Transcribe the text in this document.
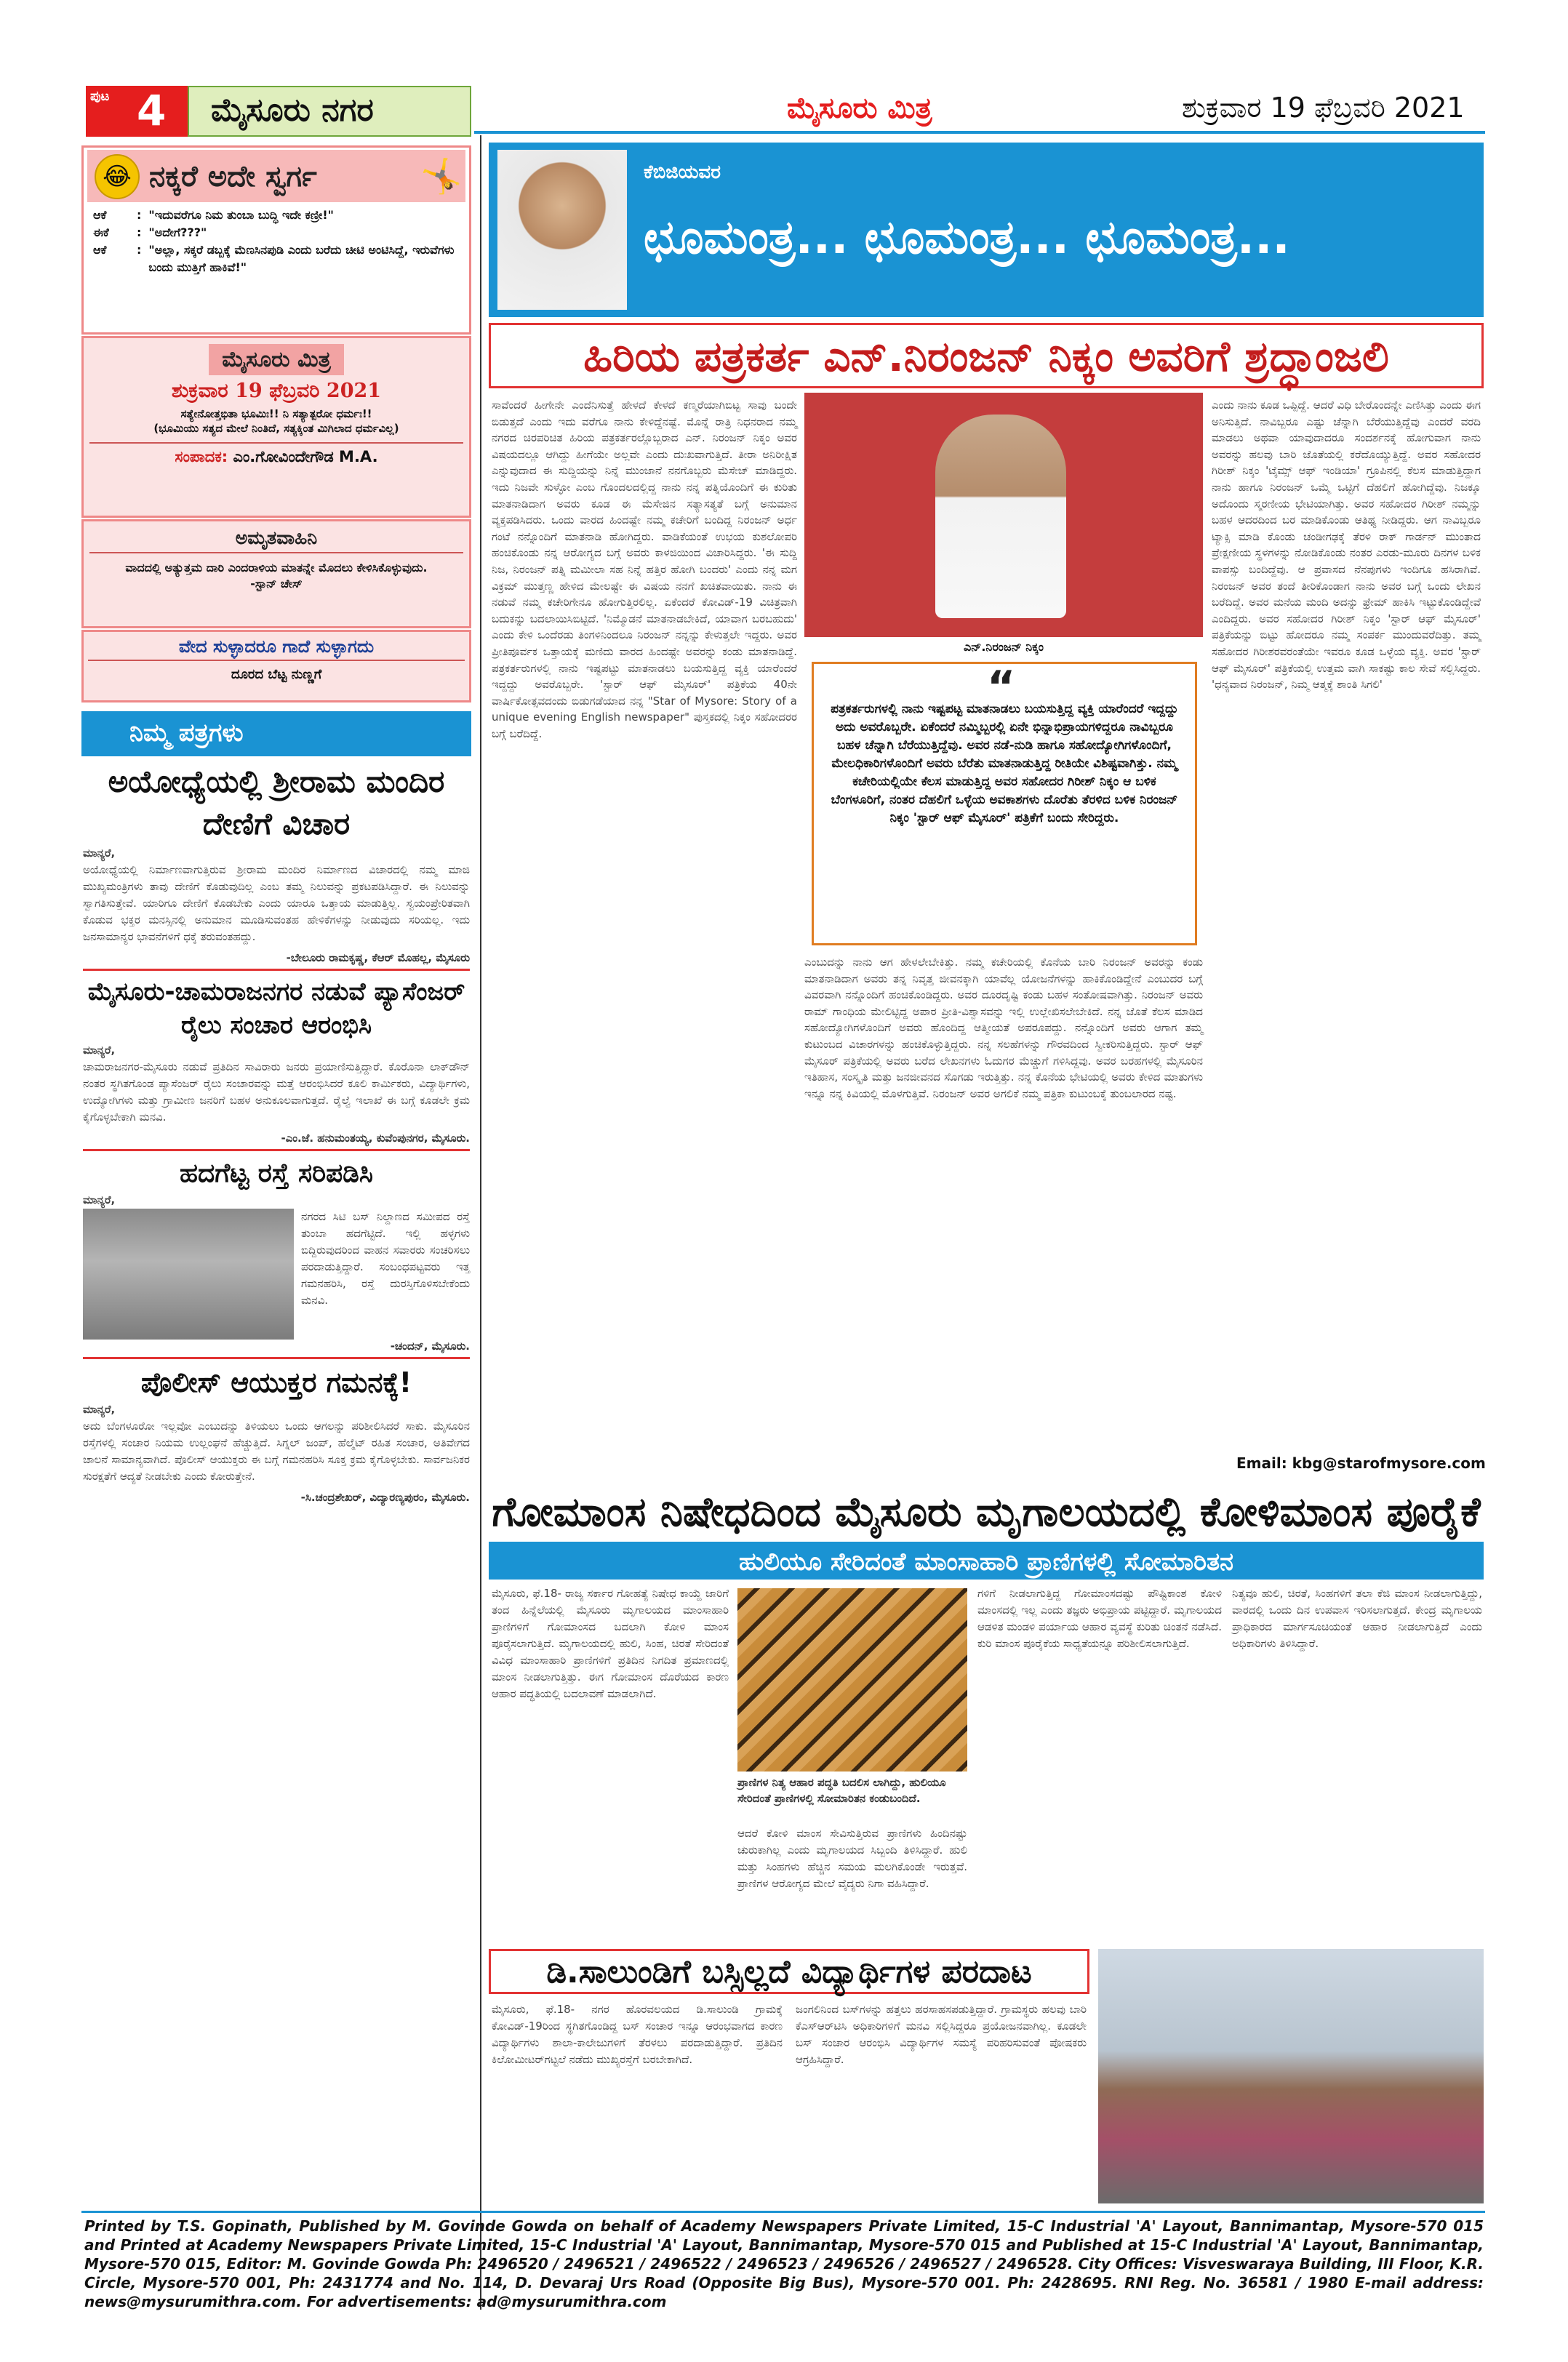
ಪುಟ 4 ಮೈಸೂರು ನಗರ	ಮೈಸೂರು ಮಿತ್ರ	ಶುಕ್ರವಾರ 19 ಫೆಬ್ರವರಿ 2021
😂 ನಕ್ಕರೆ ಅದೇ ಸ್ವರ್ಗ	🤸
ಆಕೆ	: "ಇದುವರೆಗೂ ನಿಮ ತುಂಬಾ ಬುದ್ಧಿ ಇದೇ ಕಣ್ರೀ!"
ಈಕೆ	: "ಅದೇಗೆ???"
ಆಕೆ	: "ಅಲ್ಲಾ, ಸಕ್ಕರೆ ಡಬ್ಬಕ್ಕೆ ಮೆಣಸಿನಪುಡಿ ಎಂದು ಬರೆದು ಚೀಟಿ ಅಂಟಿಸಿದ್ದೆ, ಇರುವೆಗಳು ಬಂದು ಮುತ್ತಿಗೆ ಹಾಕಿವೆ!"
ಮೈಸೂರು ಮಿತ್ರ
ಶುಕ್ರವಾರ 19 ಫೆಬ್ರವರಿ 2021
ಸತ್ಯೇನೋತ್ತಭಿತಾ ಭೂಮಿಃ!! ನಿ ಸತ್ಯಾತ್ಪರೋ ಧರ್ಮಃ!!
(ಭೂಮಿಯು ಸತ್ಯದ ಮೇಲೆ ನಿಂತಿದೆ, ಸತ್ಯಕ್ಕಿಂತ ಮಿಗಿಲಾದ ಧರ್ಮವಿಲ್ಲ)
ಸಂಪಾದಕ: ಎಂ.ಗೋವಿಂದೇಗೌಡ M.A.
ಅಮೃತವಾಹಿನಿ
ವಾದದಲ್ಲಿ ಅತ್ಯುತ್ತಮ ದಾರಿ ಎಂದರಾಳಿಯ ಮಾತನ್ನೇ ಮೊದಲು ಕೇಳಿಸಿಕೊಳ್ಳುವುದು.
-ಸ್ಟಾನ್ ಚೇಸ್
ವೇದ ಸುಳ್ಳಾದರೂ ಗಾದೆ ಸುಳ್ಳಾಗದು
ದೂರದ ಬೆಟ್ಟ ನುಣ್ಣಗೆ
ನಿಮ್ಮ ಪತ್ರಗಳು
ಅಯೋಧ್ಯೆಯಲ್ಲಿ ಶ್ರೀರಾಮ ಮಂದಿರ ದೇಣಿಗೆ ವಿಚಾರ
ಮಾನ್ಯರೆ,
ಅಯೋಧ್ಯೆಯಲ್ಲಿ ನಿರ್ಮಾಣವಾಗುತ್ತಿರುವ ಶ್ರೀರಾಮ ಮಂದಿರ ನಿರ್ಮಾಣದ ವಿಚಾರದಲ್ಲಿ ನಮ್ಮ ಮಾಜಿ ಮುಖ್ಯಮಂತ್ರಿಗಳು ತಾವು ದೇಣಿಗೆ ಕೊಡುವುದಿಲ್ಲ ಎಂಬ ತಮ್ಮ ನಿಲುವನ್ನು ಪ್ರಕಟಪಡಿಸಿದ್ದಾರೆ. ಈ ನಿಲುವನ್ನು ಸ್ವಾಗತಿಸುತ್ತೇವೆ. ಯಾರಿಗೂ ದೇಣಿಗೆ ಕೊಡಬೇಕು ಎಂದು ಯಾರೂ ಒತ್ತಾಯ ಮಾಡುತ್ತಿಲ್ಲ. ಸ್ವಯಂಪ್ರೇರಿತವಾಗಿ ಕೊಡುವ ಭಕ್ತರ ಮನಸ್ಸಿನಲ್ಲಿ ಅನುಮಾನ ಮೂಡಿಸುವಂತಹ ಹೇಳಿಕೆಗಳನ್ನು ನೀಡುವುದು ಸರಿಯಲ್ಲ. ಇದು ಜನಸಾಮಾನ್ಯರ ಭಾವನೆಗಳಿಗೆ ಧಕ್ಕೆ ತರುವಂತಹದ್ದು.
-ಬೇಲೂರು ರಾಮಕೃಷ್ಣ, ಕೆಆರ್ ಮೊಹಲ್ಲ, ಮೈಸೂರು
ಮೈಸೂರು-ಚಾಮರಾಜನಗರ ನಡುವೆ ಪ್ಯಾಸೆಂಜರ್ ರೈಲು ಸಂಚಾರ ಆರಂಭಿಸಿ
ಮಾನ್ಯರೆ,
ಚಾಮರಾಜನಗರ-ಮೈಸೂರು ನಡುವೆ ಪ್ರತಿದಿನ ಸಾವಿರಾರು ಜನರು ಪ್ರಯಾಣಿಸುತ್ತಿದ್ದಾರೆ. ಕೊರೊನಾ ಲಾಕ್‌ಡೌನ್ ನಂತರ ಸ್ಥಗಿತಗೊಂಡ ಪ್ಯಾಸೆಂಜರ್ ರೈಲು ಸಂಚಾರವನ್ನು ಮತ್ತೆ ಆರಂಭಿಸಿದರೆ ಕೂಲಿ ಕಾರ್ಮಿಕರು, ವಿದ್ಯಾರ್ಥಿಗಳು, ಉದ್ಯೋಗಿಗಳು ಮತ್ತು ಗ್ರಾಮೀಣ ಜನರಿಗೆ ಬಹಳ ಅನುಕೂಲವಾಗುತ್ತದೆ. ರೈಲ್ವೆ ಇಲಾಖೆ ಈ ಬಗ್ಗೆ ಕೂಡಲೇ ಕ್ರಮ ಕೈಗೊಳ್ಳಬೇಕಾಗಿ ಮನವಿ.
-ಎಂ.ಜೆ. ಹನುಮಂತಯ್ಯ, ಕುವೆಂಪುನಗರ, ಮೈಸೂರು.
ಹದಗೆಟ್ಟ ರಸ್ತೆ ಸರಿಪಡಿಸಿ
ಮಾನ್ಯರೆ,
ನಗರದ ಸಿಟಿ ಬಸ್ ನಿಲ್ದಾಣದ ಸಮೀಪದ ರಸ್ತೆ ತುಂಬಾ ಹದಗೆಟ್ಟಿದೆ. ಇಲ್ಲಿ ಹಳ್ಳಗಳು ಬಿದ್ದಿರುವುದರಿಂದ ವಾಹನ ಸವಾರರು ಸಂಚರಿಸಲು ಪರದಾಡುತ್ತಿದ್ದಾರೆ. ಸಂಬಂಧಪಟ್ಟವರು ಇತ್ತ ಗಮನಹರಿಸಿ, ರಸ್ತೆ ದುರಸ್ತಿಗೊಳಿಸಬೇಕೆಂದು ಮನವಿ.
-ಚಂದನ್, ಮೈಸೂರು.
ಪೊಲೀಸ್ ಆಯುಕ್ತರ ಗಮನಕ್ಕೆ!
ಮಾನ್ಯರೆ,
ಅದು ಬೆಂಗಳೂರೋ ಇಲ್ಲವೋ ಎಂಬುದನ್ನು ತಿಳಿಯಲು ಒಂದು ಆಗಲನ್ನು ಪರಿಶೀಲಿಸಿದರೆ ಸಾಕು. ಮೈಸೂರಿನ ರಸ್ತೆಗಳಲ್ಲಿ ಸಂಚಾರ ನಿಯಮ ಉಲ್ಲಂಘನೆ ಹೆಚ್ಚುತ್ತಿದೆ. ಸಿಗ್ನಲ್ ಜಂಪ್, ಹೆಲ್ಮೆಟ್ ರಹಿತ ಸಂಚಾರ, ಅತಿವೇಗದ ಚಾಲನೆ ಸಾಮಾನ್ಯವಾಗಿದೆ. ಪೊಲೀಸ್ ಆಯುಕ್ತರು ಈ ಬಗ್ಗೆ ಗಮನಹರಿಸಿ ಸೂಕ್ತ ಕ್ರಮ ಕೈಗೊಳ್ಳಬೇಕು. ಸಾರ್ವಜನಿಕರ ಸುರಕ್ಷತೆಗೆ ಆದ್ಯತೆ ನೀಡಬೇಕು ಎಂದು ಕೋರುತ್ತೇನೆ.
-ಸಿ.ಚಂದ್ರಶೇಖರ್, ವಿದ್ಯಾರಣ್ಯಪುರಂ, ಮೈಸೂರು.
ಕೆಬಿಜಿಯವರ
ಛೂಮಂತ್ರ... ಛೂಮಂತ್ರ... ಛೂಮಂತ್ರ...
ಹಿರಿಯ ಪತ್ರಕರ್ತ ಎನ್.ನಿರಂಜನ್ ನಿಕ್ಕಂ ಅವರಿಗೆ ಶ್ರದ್ಧಾಂಜಲಿ
ಸಾವೆಂದರೆ ಹೀಗೇನೇ ಎಂದೆನಿಸುತ್ತೆ ಹೇಳದೆ ಕೇಳದೆ ಕಣ್ಮರೆಯಾಗಿಬಿಟ್ಟ ಸಾವು ಬಂದೇ ಬಿಡುತ್ತದೆ ಎಂದು ಇದು ವರೆಗೂ ನಾನು ಕೇಳಿದ್ದೆನಷ್ಟೆ. ಮೊನ್ನೆ ರಾತ್ರಿ ನಿಧನರಾದ ನಮ್ಮ ನಗರದ ಚಿರಪರಿಚಿತ ಹಿರಿಯ ಪತ್ರಕರ್ತರಲ್ಲೊಬ್ಬರಾದ ಎನ್. ನಿರಂಜನ್ ನಿಕ್ಕಂ ಅವರ ವಿಷಯದಲ್ಲೂ ಆಗಿದ್ದು ಹೀಗೆಯೇ ಅಲ್ಲವೇ ಎಂದು ದುಃಖವಾಗುತ್ತಿದೆ. ತೀರಾ ಅನಿರೀಕ್ಷಿತ ಎನ್ನುವುದಾದ ಈ ಸುದ್ದಿಯನ್ನು ನಿನ್ನೆ ಮುಂಜಾನೆ ನನಗೊಬ್ಬರು ಮೆಸೇಜ್ ಮಾಡಿದ್ದರು. ಇದು ನಿಜವೇ ಸುಳ್ಳೋ ಎಂಬ ಗೊಂದಲದಲ್ಲಿದ್ದ ನಾನು ನನ್ನ ಪತ್ನಿಯೊಂದಿಗೆ ಈ ಕುರಿತು ಮಾತನಾಡಿದಾಗ ಅವರು ಕೂಡ ಈ ಮೆಸೇಜಿನ ಸತ್ಯಾಸತ್ಯತೆ ಬಗ್ಗೆ ಅನುಮಾನ ವ್ಯಕ್ತಪಡಿಸಿದರು. ಒಂದು ವಾರದ ಹಿಂದಷ್ಟೇ ನಮ್ಮ ಕಚೇರಿಗೆ ಬಂದಿದ್ದ ನಿರಂಜನ್ ಅರ್ಧ ಗಂಟೆ ನನ್ನೊಂದಿಗೆ ಮಾತನಾಡಿ ಹೋಗಿದ್ದರು. ವಾಡಿಕೆಯಂತೆ ಉಭಯ ಕುಶಲೋಪರಿ ಹಂಚಿಕೊಂಡು ನನ್ನ ಆರೋಗ್ಯದ ಬಗ್ಗೆ ಅವರು ಕಾಳಜಿಯಿಂದ ವಿಚಾರಿಸಿದ್ದರು. 'ಈ ಸುದ್ದಿ ನಿಜ, ನಿರಂಜನ್ ಪತ್ನಿ ಮಮೀಲಾ ಸಹ ನಿನ್ನೆ ಹತ್ತಿರ ಹೋಗಿ ಬಂದರು' ಎಂದು ನನ್ನ ಮಗ ವಿಕ್ರಮ್ ಮುತ್ತಣ್ಣ ಹೇಳಿದ ಮೇಲಷ್ಟೇ ಈ ವಿಷಯ ನನಗೆ ಖಚಿತವಾಯಿತು. ನಾನು ಈ ನಡುವೆ ನಮ್ಮ ಕಚೇರಿಗೇನೂ ಹೋಗುತ್ತಿರಲಿಲ್ಲ. ಏಕೆಂದರೆ ಕೋವಿಡ್-19 ವಿಚಿತ್ರವಾಗಿ ಬದುಕನ್ನು ಬದಲಾಯಿಸಿಬಿಟ್ಟಿದೆ. 'ನಿಮ್ಮೊಡನೆ ಮಾತನಾಡಬೇಕಿದೆ, ಯಾವಾಗ ಬರಬಹುದು' ಎಂದು ಕೇಳಿ ಒಂದೆರಡು ತಿಂಗಳಿನಿಂದಲೂ ನಿರಂಜನ್ ನನ್ನನ್ನು ಕೇಳುತ್ತಲೇ ಇದ್ದರು. ಅವರ ಪ್ರೀತಿಪೂರ್ವಕ ಒತ್ತಾಯಕ್ಕೆ ಮಣಿದು ವಾರದ ಹಿಂದಷ್ಟೇ ಅವರನ್ನು ಕಂಡು ಮಾತನಾಡಿದ್ದೆ. ಪತ್ರಕರ್ತರುಗಳಲ್ಲಿ ನಾನು ಇಷ್ಟಪಟ್ಟು ಮಾತನಾಡಲು ಬಯಸುತ್ತಿದ್ದ ವ್ಯಕ್ತಿ ಯಾರೆಂದರೆ ಇದ್ದದ್ದು ಅವರೊಬ್ಬರೇ. 'ಸ್ಟಾರ್ ಆಫ್ ಮೈಸೂರ್' ಪತ್ರಿಕೆಯ 40ನೇ ವಾರ್ಷಿಕೋತ್ಸವದಂದು ಬಿಡುಗಡೆಯಾದ ನನ್ನ "Star of Mysore: Story of a unique evening English newspaper" ಪುಸ್ತಕದಲ್ಲಿ ನಿಕ್ಕಂ ಸಹೋದರರ ಬಗ್ಗೆ ಬರೆದಿದ್ದೆ.
ಎನ್.ನಿರಂಜನ್ ನಿಕ್ಕಂ
“
ಪತ್ರಕರ್ತರುಗಳಲ್ಲಿ ನಾನು ಇಷ್ಟಪಟ್ಟ ಮಾತನಾಡಲು ಬಯಸುತ್ತಿದ್ದ ವ್ಯಕ್ತಿ ಯಾರೆಂದರೆ ಇದ್ದದ್ದು ಅದು ಅವರೊಬ್ಬರೇ. ಏಕೆಂದರೆ ನಮ್ಮಿಬ್ಬರಲ್ಲಿ ಏನೇ ಭಿನ್ನಾಭಿಪ್ರಾಯಗಳಿದ್ದರೂ ನಾವಿಬ್ಬರೂ ಬಹಳ ಚೆನ್ನಾಗಿ ಬೆರೆಯುತ್ತಿದ್ದೆವು. ಅವರ ನಡೆ-ನುಡಿ ಹಾಗೂ ಸಹೋದ್ಯೋಗಿಗಳೊಂದಿಗೆ, ಮೇಲಧಿಕಾರಿಗಳೊಂದಿಗೆ ಅವರು ಬೆರೆತು ಮಾತನಾಡುತ್ತಿದ್ದ ರೀತಿಯೇ ವಿಶಿಷ್ಟವಾಗಿತ್ತು. ನಮ್ಮ ಕಚೇರಿಯಲ್ಲಿಯೇ ಕೆಲಸ ಮಾಡುತ್ತಿದ್ದ ಅವರ ಸಹೋದರ ಗಿರೀಶ್ ನಿಕ್ಕಂ ಆ ಬಳಿಕ ಬೆಂಗಳೂರಿಗೆ, ನಂತರ ದೆಹಲಿಗೆ ಒಳ್ಳೆಯ ಅವಕಾಶಗಳು ದೊರೆತು ತೆರಳಿದ ಬಳಿಕ ನಿರಂಜನ್ ನಿಕ್ಕಂ 'ಸ್ಟಾರ್ ಆಫ್ ಮೈಸೂರ್' ಪತ್ರಿಕೆಗೆ ಬಂದು ಸೇರಿದ್ದರು.
ಎಂಬುದನ್ನು ನಾನು ಆಗ ಹೇಳಲೇಬೇಕಿತ್ತು. ನಮ್ಮ ಕಚೇರಿಯಲ್ಲಿ ಕೊನೆಯ ಬಾರಿ ನಿರಂಜನ್ ಅವರನ್ನು ಕಂಡು ಮಾತನಾಡಿದಾಗ ಅವರು ತನ್ನ ನಿವೃತ್ತ ಜೀವನಕ್ಕಾಗಿ ಯಾವೆಲ್ಲ ಯೋಜನೆಗಳನ್ನು ಹಾಕಿಕೊಂಡಿದ್ದೇನೆ ಎಂಬುದರ ಬಗ್ಗೆ ವಿವರವಾಗಿ ನನ್ನೊಂದಿಗೆ ಹಂಚಿಕೊಂಡಿದ್ದರು. ಅವರ ದೂರದೃಷ್ಟಿ ಕಂಡು ಬಹಳ ಸಂತೋಷವಾಗಿತ್ತು. ನಿರಂಜನ್ ಅವರು ರಾಮ್ ಗಾಂಧಿಯ ಮೇಲಿಟ್ಟಿದ್ದ ಅಪಾರ ಪ್ರೀತಿ-ವಿಶ್ವಾಸವನ್ನು ಇಲ್ಲಿ ಉಲ್ಲೇಖಿಸಲೇಬೇಕಿದೆ. ನನ್ನ ಜೊತೆ ಕೆಲಸ ಮಾಡಿದ ಸಹೋದ್ಯೋಗಿಗಳೊಂದಿಗೆ ಅವರು ಹೊಂದಿದ್ದ ಆತ್ಮೀಯತೆ ಅಪರೂಪದ್ದು. ನನ್ನೊಂದಿಗೆ ಅವರು ಆಗಾಗ ತಮ್ಮ ಕುಟುಂಬದ ವಿಚಾರಗಳನ್ನು ಹಂಚಿಕೊಳ್ಳುತ್ತಿದ್ದರು. ನನ್ನ ಸಲಹೆಗಳನ್ನು ಗೌರವದಿಂದ ಸ್ವೀಕರಿಸುತ್ತಿದ್ದರು. ಸ್ಟಾರ್ ಆಫ್ ಮೈಸೂರ್ ಪತ್ರಿಕೆಯಲ್ಲಿ ಅವರು ಬರೆದ ಲೇಖನಗಳು ಓದುಗರ ಮೆಚ್ಚುಗೆ ಗಳಿಸಿದ್ದವು. ಅವರ ಬರಹಗಳಲ್ಲಿ ಮೈಸೂರಿನ ಇತಿಹಾಸ, ಸಂಸ್ಕೃತಿ ಮತ್ತು ಜನಜೀವನದ ಸೊಗಡು ಇರುತ್ತಿತ್ತು. ನನ್ನ ಕೊನೆಯ ಭೇಟಿಯಲ್ಲಿ ಅವರು ಕೇಳಿದ ಮಾತುಗಳು ಇನ್ನೂ ನನ್ನ ಕಿವಿಯಲ್ಲಿ ಮೊಳಗುತ್ತಿವೆ. ನಿರಂಜನ್ ಅವರ ಅಗಲಿಕೆ ನಮ್ಮ ಪತ್ರಿಕಾ ಕುಟುಂಬಕ್ಕೆ ತುಂಬಲಾರದ ನಷ್ಟ.
ಎಂದು ನಾನು ಕೂಡ ಒಪ್ಪಿದ್ದೆ. ಆದರೆ ವಿಧಿ ಬೇರೊಂದನ್ನೇ ಎಣಿಸಿತ್ತು ಎಂದು ಈಗ ಅನಿಸುತ್ತಿದೆ. ನಾವಿಬ್ಬರೂ ಎಷ್ಟು ಚೆನ್ನಾಗಿ ಬೆರೆಯುತ್ತಿದ್ದೆವು ಎಂದರೆ ವರದಿ ಮಾಡಲು ಅಥವಾ ಯಾವುದಾದರೂ ಸಂದರ್ಶನಕ್ಕೆ ಹೋಗುವಾಗ ನಾನು ಅವರನ್ನು ಹಲವು ಬಾರಿ ಜೊತೆಯಲ್ಲಿ ಕರೆದೊಯ್ಯುತ್ತಿದ್ದೆ. ಅವರ ಸಹೋದರ ಗಿರೀಶ್ ನಿಕ್ಕಂ 'ಟೈಮ್ಸ್ ಆಫ್ ಇಂಡಿಯಾ' ಗ್ರೂಪಿನಲ್ಲಿ ಕೆಲಸ ಮಾಡುತ್ತಿದ್ದಾಗ ನಾನು ಹಾಗೂ ನಿರಂಜನ್ ಒಮ್ಮೆ ಒಟ್ಟಿಗೆ ದೆಹಲಿಗೆ ಹೋಗಿದ್ದೆವು. ನಿಜಕ್ಕೂ ಅದೊಂದು ಸ್ಮರಣೀಯ ಭೇಟಿಯಾಗಿತ್ತು. ಅವರ ಸಹೋದರ ಗಿರೀಶ್ ನಮ್ಮನ್ನು ಬಹಳ ಆದರದಿಂದ ಬರ ಮಾಡಿಕೊಂಡು ಆತಿಥ್ಯ ನೀಡಿದ್ದರು. ಆಗ ನಾವಿಬ್ಬರೂ ಟ್ಯಾಕ್ಸಿ ಮಾಡಿ ಕೊಂಡು ಚಂಡೀಗಢಕ್ಕೆ ತೆರಳಿ ರಾಕ್ ಗಾರ್ಡನ್ ಮುಂತಾದ ಪ್ರೇಕ್ಷಣೀಯ ಸ್ಥಳಗಳನ್ನು ನೋಡಿಕೊಂಡು ನಂತರ ಎರಡು-ಮೂರು ದಿನಗಳ ಬಳಿಕ ವಾಪಸ್ಸು ಬಂದಿದ್ದೆವು. ಆ ಪ್ರವಾಸದ ನೆನಪುಗಳು ಇಂದಿಗೂ ಹಸಿರಾಗಿವೆ. ನಿರಂಜನ್ ಅವರ ತಂದೆ ತೀರಿಕೊಂಡಾಗ ನಾನು ಅವರ ಬಗ್ಗೆ ಒಂದು ಲೇಖನ ಬರೆದಿದ್ದೆ. ಅವರ ಮನೆಯ ಮಂದಿ ಅದನ್ನು ಫ್ರೇಮ್ ಹಾಕಿಸಿ ಇಟ್ಟುಕೊಂಡಿದ್ದೇವೆ ಎಂದಿದ್ದರು. ಅವರ ಸಹೋದರ ಗಿರೀಶ್ ನಿಕ್ಕಂ 'ಸ್ಟಾರ್ ಆಫ್ ಮೈಸೂರ್' ಪತ್ರಿಕೆಯನ್ನು ಬಿಟ್ಟು ಹೋದರೂ ನಮ್ಮ ಸಂಪರ್ಕ ಮುಂದುವರೆದಿತ್ತು. ತಮ್ಮ ಸಹೋದರ ಗಿರೀಶರವರಂತೆಯೇ ಇವರೂ ಕೂಡ ಒಳ್ಳೆಯ ವ್ಯಕ್ತಿ. ಅವರ 'ಸ್ಟಾರ್ ಆಫ್ ಮೈಸೂರ್' ಪತ್ರಿಕೆಯಲ್ಲಿ ಉತ್ತಮ ವಾಗಿ ಸಾಕಷ್ಟು ಕಾಲ ಸೇವೆ ಸಲ್ಲಿಸಿದ್ದರು. 'ಧನ್ಯವಾದ ನಿರಂಜನ್, ನಿಮ್ಮ ಆತ್ಮಕ್ಕೆ ಶಾಂತಿ ಸಿಗಲಿ'
Email: kbg@starofmysore.com
ಗೋಮಾಂಸ ನಿಷೇಧದಿಂದ ಮೈಸೂರು ಮೃಗಾಲಯದಲ್ಲಿ ಕೋಳಿಮಾಂಸ ಪೂರೈಕೆ
ಹುಲಿಯೂ ಸೇರಿದಂತೆ ಮಾಂಸಾಹಾರಿ ಪ್ರಾಣಿಗಳಲ್ಲಿ ಸೋಮಾರಿತನ
ಮೈಸೂರು, ಫೆ.18- ರಾಜ್ಯ ಸರ್ಕಾರ ಗೋಹತ್ಯೆ ನಿಷೇಧ ಕಾಯ್ದೆ ಜಾರಿಗೆ ತಂದ ಹಿನ್ನೆಲೆಯಲ್ಲಿ ಮೈಸೂರು ಮೃಗಾಲಯದ ಮಾಂಸಾಹಾರಿ ಪ್ರಾಣಿಗಳಿಗೆ ಗೋಮಾಂಸದ ಬದಲಾಗಿ ಕೋಳಿ ಮಾಂಸ ಪೂರೈಸಲಾಗುತ್ತಿದೆ. ಮೃಗಾಲಯದಲ್ಲಿ ಹುಲಿ, ಸಿಂಹ, ಚಿರತೆ ಸೇರಿದಂತೆ ವಿವಿಧ ಮಾಂಸಾಹಾರಿ ಪ್ರಾಣಿಗಳಿಗೆ ಪ್ರತಿದಿನ ನಿಗದಿತ ಪ್ರಮಾಣದಲ್ಲಿ ಮಾಂಸ ನೀಡಲಾಗುತ್ತಿತ್ತು. ಈಗ ಗೋಮಾಂಸ ದೊರೆಯದ ಕಾರಣ ಆಹಾರ ಪದ್ಧತಿಯಲ್ಲಿ ಬದಲಾವಣೆ ಮಾಡಲಾಗಿದೆ.
ಪ್ರಾಣಿಗಳ ನಿತ್ಯ ಆಹಾರ ಪದ್ಧತಿ ಬದಲಿಸ ಲಾಗಿದ್ದು, ಹುಲಿಯೂ ಸೇರಿದಂತೆ ಪ್ರಾಣಿಗಳಲ್ಲಿ ಸೋಮಾರಿತನ ಕಂಡುಬಂದಿದೆ.
ಆದರೆ ಕೋಳಿ ಮಾಂಸ ಸೇವಿಸುತ್ತಿರುವ ಪ್ರಾಣಿಗಳು ಹಿಂದಿನಷ್ಟು ಚುರುಕಾಗಿಲ್ಲ ಎಂದು ಮೃಗಾಲಯದ ಸಿಬ್ಬಂದಿ ತಿಳಿಸಿದ್ದಾರೆ. ಹುಲಿ ಮತ್ತು ಸಿಂಹಗಳು ಹೆಚ್ಚಿನ ಸಮಯ ಮಲಗಿಕೊಂಡೇ ಇರುತ್ತವೆ. ಪ್ರಾಣಿಗಳ ಆರೋಗ್ಯದ ಮೇಲೆ ವೈದ್ಯರು ನಿಗಾ ವಹಿಸಿದ್ದಾರೆ.
ಗಳಿಗೆ ನೀಡಲಾಗುತ್ತಿದ್ದ ಗೋಮಾಂಸದಷ್ಟು ಪೌಷ್ಟಿಕಾಂಶ ಕೋಳಿ ಮಾಂಸದಲ್ಲಿ ಇಲ್ಲ ಎಂದು ತಜ್ಞರು ಅಭಿಪ್ರಾಯ ಪಟ್ಟಿದ್ದಾರೆ. ಮೃಗಾಲಯದ ಆಡಳಿತ ಮಂಡಳಿ ಪರ್ಯಾಯ ಆಹಾರ ವ್ಯವಸ್ಥೆ ಕುರಿತು ಚಿಂತನೆ ನಡೆಸಿದೆ. ಕುರಿ ಮಾಂಸ ಪೂರೈಕೆಯ ಸಾಧ್ಯತೆಯನ್ನೂ ಪರಿಶೀಲಿಸಲಾಗುತ್ತಿದೆ.
ನಿತ್ಯವೂ ಹುಲಿ, ಚಿರತೆ, ಸಿಂಹಗಳಿಗೆ ತಲಾ ಕೆಜಿ ಮಾಂಸ ನೀಡಲಾಗುತ್ತಿದ್ದು, ವಾರದಲ್ಲಿ ಒಂದು ದಿನ ಉಪವಾಸ ಇರಿಸಲಾಗುತ್ತದೆ. ಕೇಂದ್ರ ಮೃಗಾಲಯ ಪ್ರಾಧಿಕಾರದ ಮಾರ್ಗಸೂಚಿಯಂತೆ ಆಹಾರ ನೀಡಲಾಗುತ್ತಿದೆ ಎಂದು ಅಧಿಕಾರಿಗಳು ತಿಳಿಸಿದ್ದಾರೆ.
ಡಿ.ಸಾಲುಂಡಿಗೆ ಬಸ್ಸಿಲ್ಲದೆ ವಿದ್ಯಾರ್ಥಿಗಳ ಪರದಾಟ
ಮೈಸೂರು, ಫೆ.18- ನಗರ ಹೊರವಲಯದ ಡಿ.ಸಾಲುಂಡಿ ಗ್ರಾಮಕ್ಕೆ ಕೋವಿಡ್-19ರಿಂದ ಸ್ಥಗಿತಗೊಂಡಿದ್ದ ಬಸ್ ಸಂಚಾರ ಇನ್ನೂ ಆರಂಭವಾಗದ ಕಾರಣ ವಿದ್ಯಾರ್ಥಿಗಳು ಶಾಲಾ-ಕಾಲೇಜುಗಳಿಗೆ ತೆರಳಲು ಪರದಾಡುತ್ತಿದ್ದಾರೆ. ಪ್ರತಿದಿನ ಕಿಲೋಮೀಟರ್‌ಗಟ್ಟಲೆ ನಡೆದು ಮುಖ್ಯರಸ್ತೆಗೆ ಬರಬೇಕಾಗಿದೆ.
ಜಂಗಲಿನಿಂದ ಬಸ್‌ಗಳನ್ನು ಹತ್ತಲು ಹರಸಾಹಸಪಡುತ್ತಿದ್ದಾರೆ. ಗ್ರಾಮಸ್ಥರು ಹಲವು ಬಾರಿ ಕೆಎಸ್‌ಆರ್‌ಟಿಸಿ ಅಧಿಕಾರಿಗಳಿಗೆ ಮನವಿ ಸಲ್ಲಿಸಿದ್ದರೂ ಪ್ರಯೋಜನವಾಗಿಲ್ಲ. ಕೂಡಲೇ ಬಸ್ ಸಂಚಾರ ಆರಂಭಿಸಿ ವಿದ್ಯಾರ್ಥಿಗಳ ಸಮಸ್ಯೆ ಪರಿಹರಿಸುವಂತೆ ಪೋಷಕರು ಆಗ್ರಹಿಸಿದ್ದಾರೆ.
Printed by T.S. Gopinath, Published by M. Govinde Gowda on behalf of Academy Newspapers Private Limited, 15-C Industrial 'A' Layout, Bannimantap, Mysore-570 015 and Printed at Academy Newspapers Private Limited, 15-C Industrial 'A' Layout, Bannimantap, Mysore-570 015 and Published at 15-C Industrial 'A' Layout, Bannimantap, Mysore-570 015, Editor: M. Govinde Gowda Ph: 2496520 / 2496521 / 2496522 / 2496523 / 2496526 / 2496527 / 2496528. City Offices: Visveswaraya Building, III Floor, K.R. Circle, Mysore-570 001, Ph: 2431774 and No. 114, D. Devaraj Urs Road (Opposite Big Bus), Mysore-570 001. Ph: 2428695. RNI Reg. No. 36581 / 1980 E-mail address: news@mysurumithra.com. For advertisements: ad@mysurumithra.com
